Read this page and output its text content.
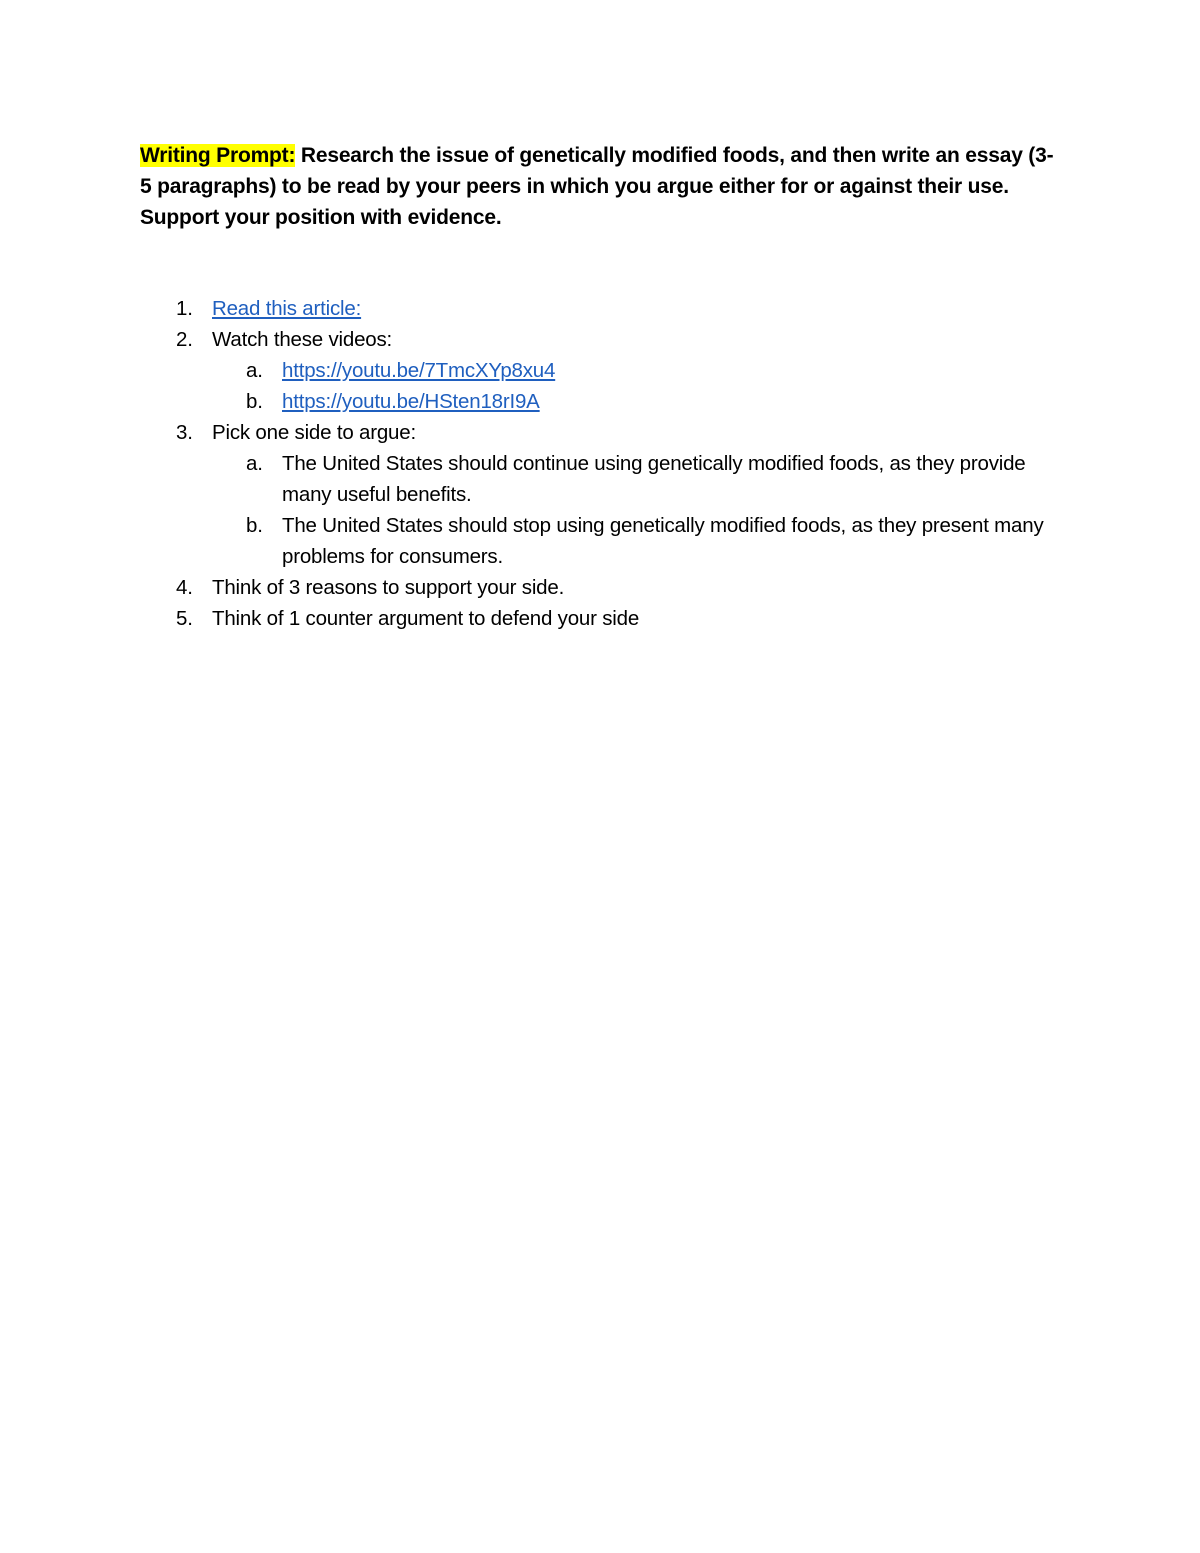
Writing Prompt: Research the issue of genetically modified foods, and then write an essay (3-5 paragraphs) to be read by your peers in which you argue either for or against their use. Support your position with evidence.
1. Read this article:
2. Watch these videos:
a. https://youtu.be/7TmcXYp8xu4
b. https://youtu.be/HSten18rI9A
3. Pick one side to argue:
a. The United States should continue using genetically modified foods, as they provide many useful benefits.
b. The United States should stop using genetically modified foods, as they present many problems for consumers.
4. Think of 3 reasons to support your side.
5. Think of 1 counter argument to defend your side
